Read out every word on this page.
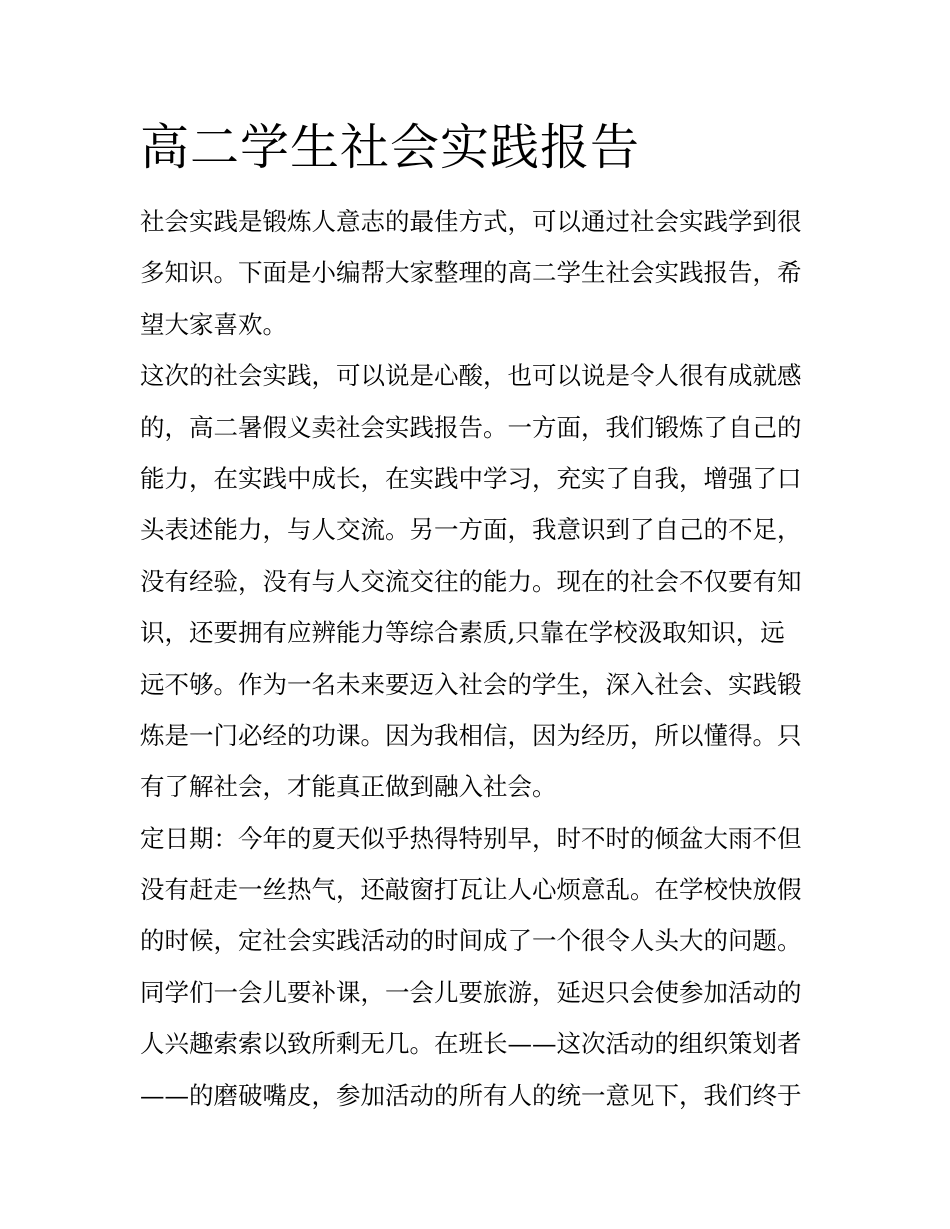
高二学生社会实践报告
社会实践是锻炼人意志的最佳方式，可以通过社会实践学到很
多知识。下面是小编帮大家整理的高二学生社会实践报告，希
望大家喜欢。
这次的社会实践，可以说是心酸，也可以说是令人很有成就感
的，高二暑假义卖社会实践报告。一方面，我们锻炼了自己的
能力，在实践中成长，在实践中学习，充实了自我，增强了口
头表述能力，与人交流。另一方面，我意识到了自己的不足，
没有经验，没有与人交流交往的能力。现在的社会不仅要有知
识，还要拥有应辨能力等综合素质,只靠在学校汲取知识，远
远不够。作为一名未来要迈入社会的学生，深入社会、实践锻
炼是一门必经的功课。因为我相信，因为经历，所以懂得。只
有了解社会，才能真正做到融入社会。
定日期：今年的夏天似乎热得特别早，时不时的倾盆大雨不但
没有赶走一丝热气，还敲窗打瓦让人心烦意乱。在学校快放假
的时候，定社会实践活动的时间成了一个很令人头大的问题。
同学们一会儿要补课，一会儿要旅游，延迟只会使参加活动的
人兴趣索索以致所剩无几。在班长——这次活动的组织策划者
——的磨破嘴皮，参加活动的所有人的统一意见下，我们终于
